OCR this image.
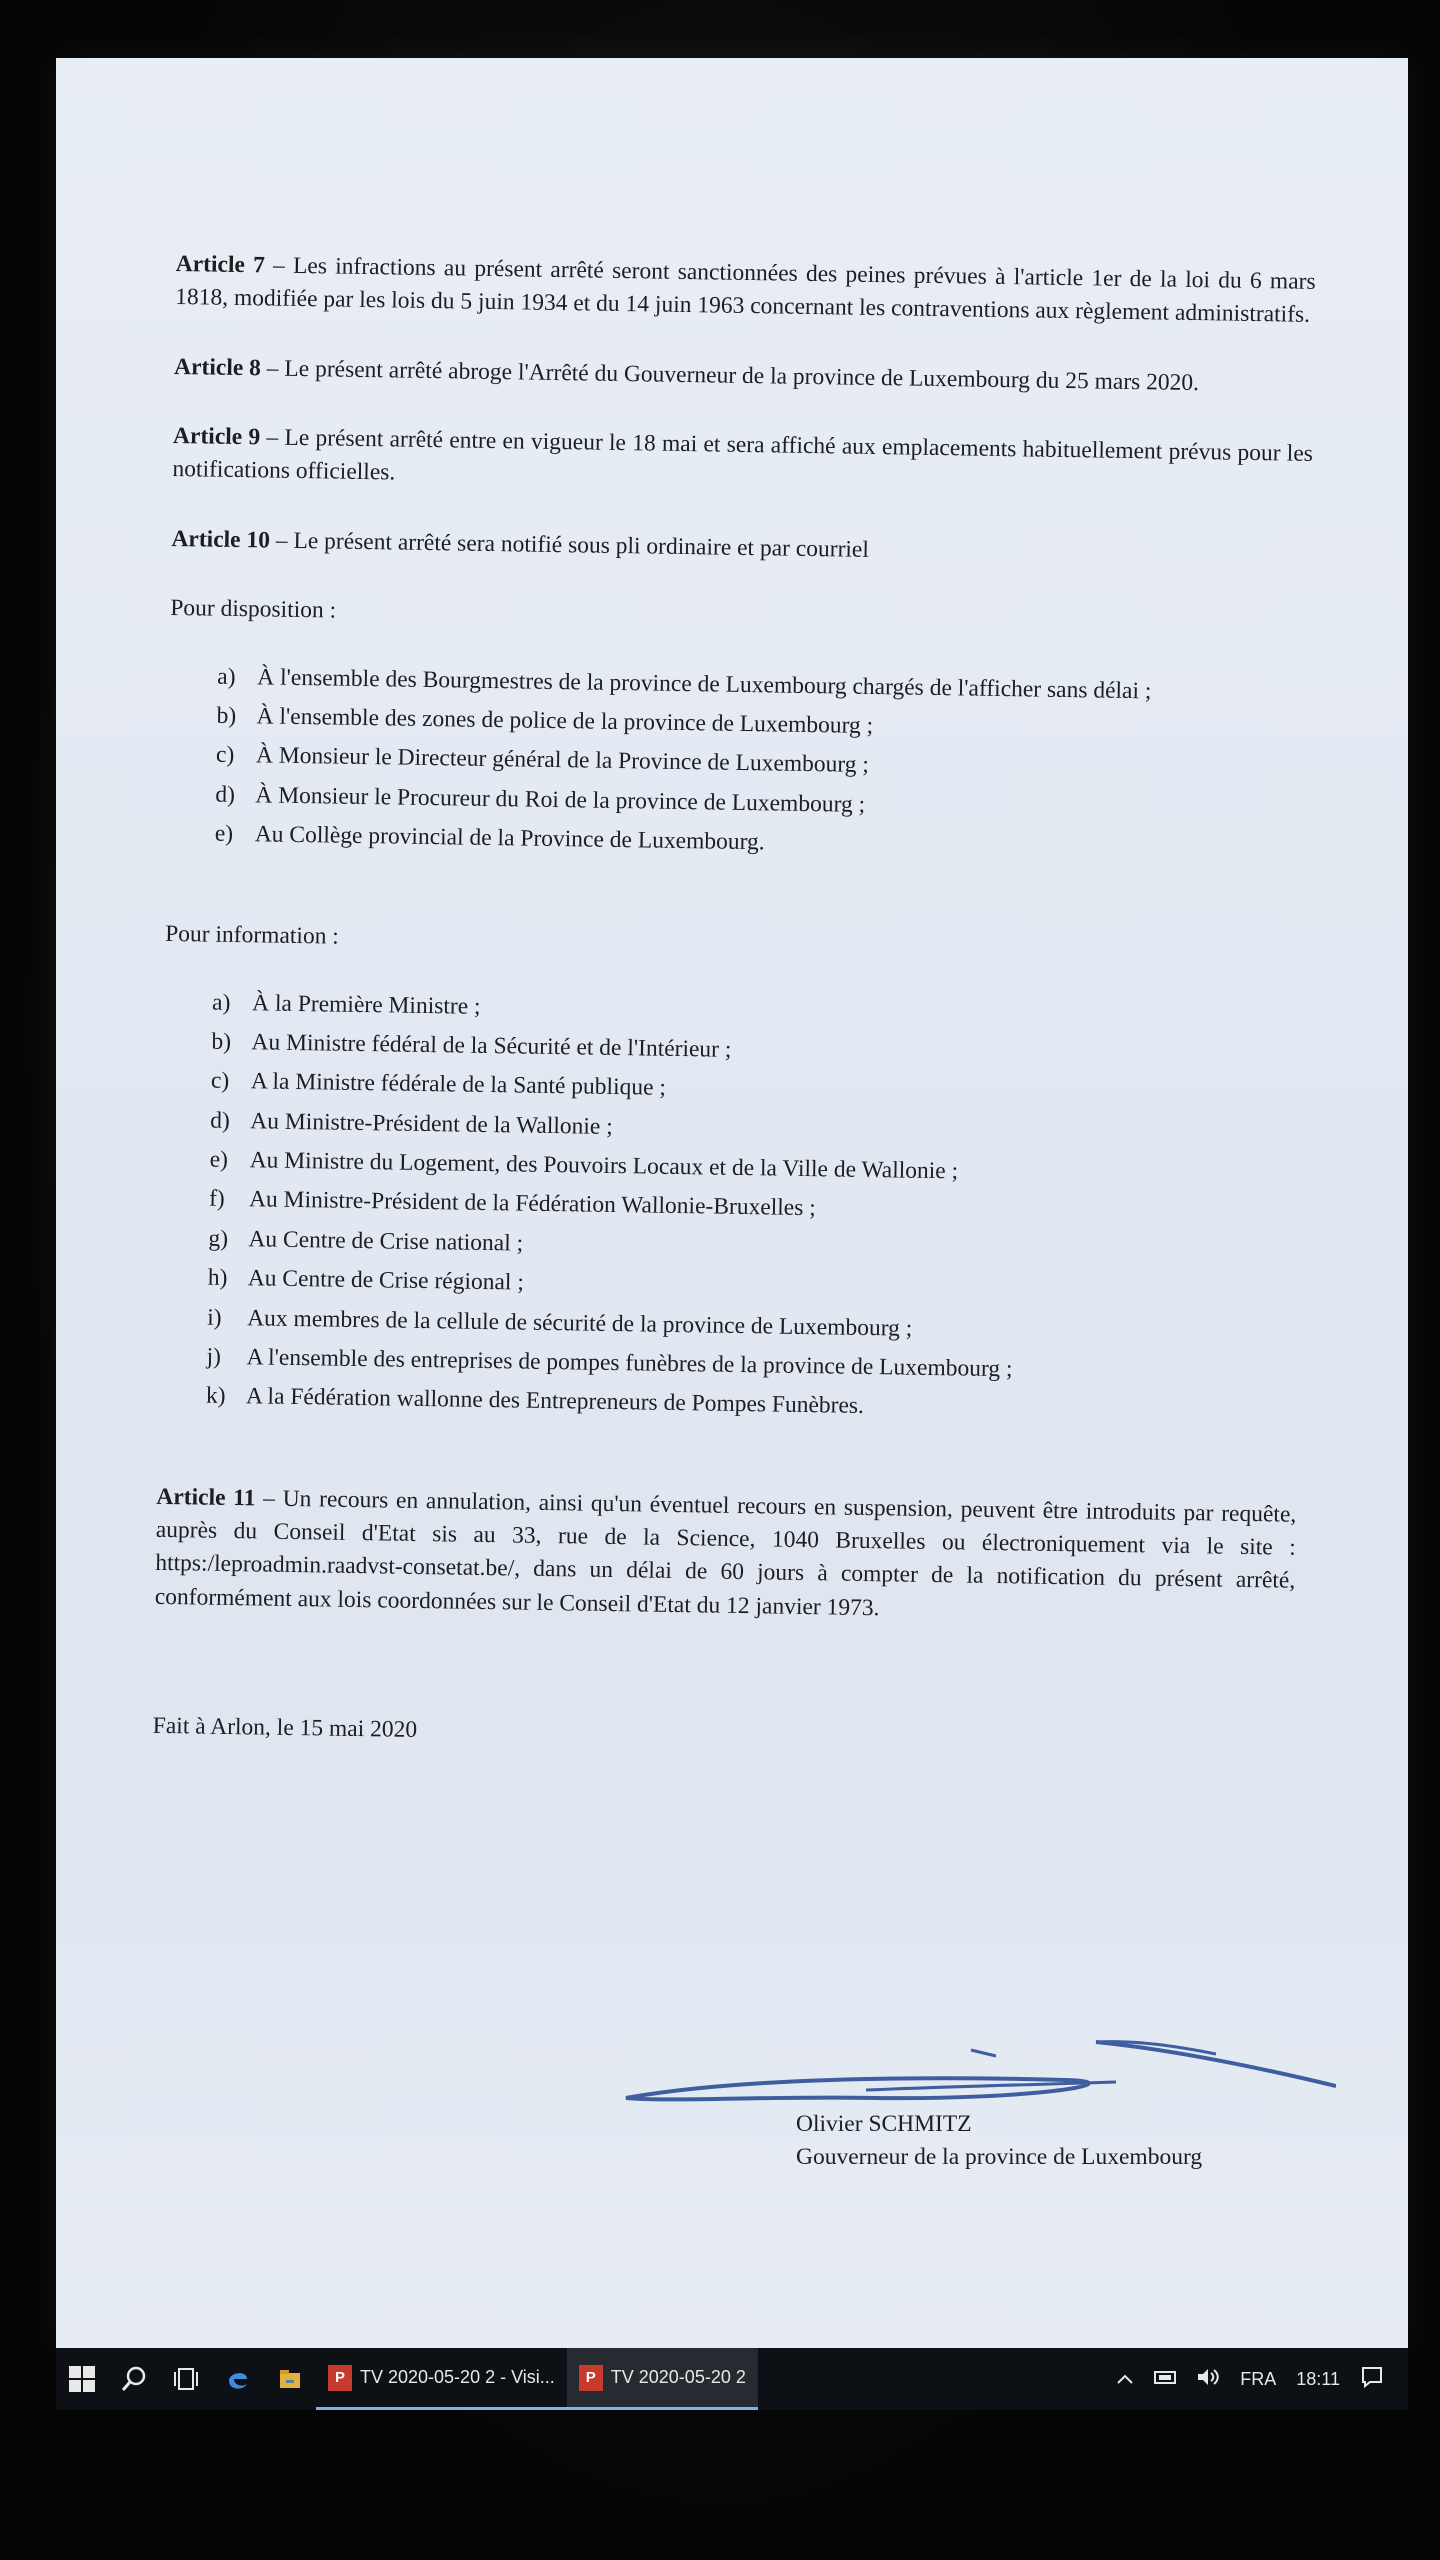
Article 7 – Les infractions au présent arrêté seront sanctionnées des peines prévues à l'article 1er de la loi du 6 mars 1818, modifiée par les lois du 5 juin 1934 et du 14 juin 1963 concernant les contraventions aux règlement administratifs.

Article 8 – Le présent arrêté abroge l'Arrêté du Gouverneur de la province de Luxembourg du 25 mars 2020.

Article 9 – Le présent arrêté entre en vigueur le 18 mai et sera affiché aux emplacements habituellement prévus pour les notifications officielles.

Article 10 – Le présent arrêté sera notifié sous pli ordinaire et par courriel

Pour disposition :

a) À l'ensemble des Bourgmestres de la province de Luxembourg chargés de l'afficher sans délai ;
b) À l'ensemble des zones de police de la province de Luxembourg ;
c) À Monsieur le Directeur général de la Province de Luxembourg ;
d) À Monsieur le Procureur du Roi de la province de Luxembourg ;
e) Au Collège provincial de la Province de Luxembourg.

Pour information :

a) À la Première Ministre ;
b) Au Ministre fédéral de la Sécurité et de l'Intérieur ;
c) A la Ministre fédérale de la Santé publique ;
d) Au Ministre-Président de la Wallonie ;
e) Au Ministre du Logement, des Pouvoirs Locaux et de la Ville de Wallonie ;
f)	Au Ministre-Président de la Fédération Wallonie-Bruxelles ;
g) Au Centre de Crise national ;
h) Au Centre de Crise régional ;
i)	Aux membres de la cellule de sécurité de la province de Luxembourg ;
j)	A l'ensemble des entreprises de pompes funèbres de la province de Luxembourg ;
k) A la Fédération wallonne des Entrepreneurs de Pompes Funèbres.

Article 11 – Un recours en annulation, ainsi qu'un éventuel recours en suspension, peuvent être introduits par requête, auprès du Conseil d'Etat sis au 33, rue de la Science, 1040 Bruxelles ou électroniquement via le site : https:/leproadmin.raadvst-consetat.be/, dans un délai de 60 jours à compter de la notification du présent arrêté, conformément aux lois coordonnées sur le Conseil d'Etat du 12 janvier 1973.

Fait à Arlon, le 15 mai 2020

Olivier SCHMITZ
Gouverneur de la province de Luxembourg
P TV 2020-05-20 2 - Visi...	P TV 2020-05-20 2	FRA 18:11
